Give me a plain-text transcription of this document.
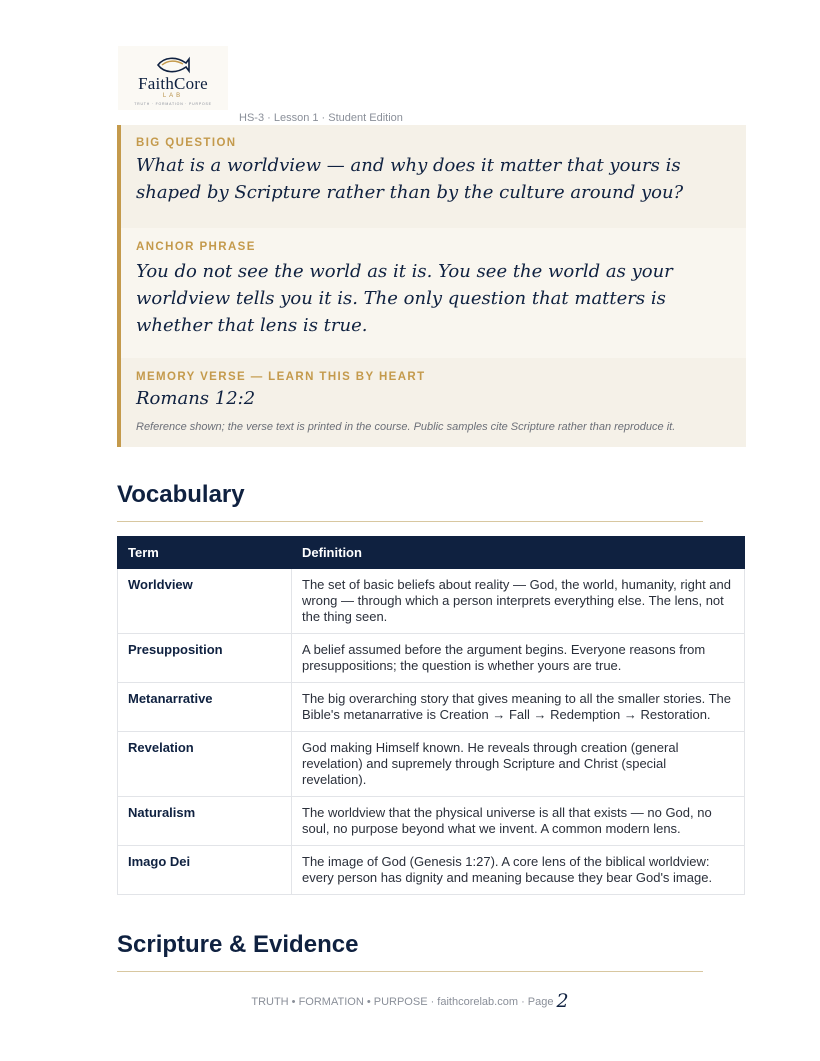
FaithCore
LAB
TRUTH · FORMATION · PURPOSE
HS-3 · Lesson 1 · Student Edition
BIG QUESTION
What is a worldview — and why does it matter that yours is shaped by Scripture rather than by the culture around you?
ANCHOR PHRASE
You do not see the world as it is. You see the world as your worldview tells you it is. The only question that matters is whether that lens is true.
MEMORY VERSE — LEARN THIS BY HEART
Romans 12:2
Reference shown; the verse text is printed in the course. Public samples cite Scripture rather than reproduce it.
Vocabulary
Term	Definition
Worldview	The set of basic beliefs about reality — God, the world, humanity, right and wrong — through which a person interprets everything else. The lens, not the thing seen.
Presupposition	A belief assumed before the argument begins. Everyone reasons from presuppositions; the question is whether yours are true.
Metanarrative	The big overarching story that gives meaning to all the smaller stories. The Bible's metanarrative is Creation → Fall → Redemption → Restoration.
Revelation	God making Himself known. He reveals through creation (general revelation) and supremely through Scripture and Christ (special revelation).
Naturalism	The worldview that the physical universe is all that exists — no God, no soul, no purpose beyond what we invent. A common modern lens.
Imago Dei	The image of God (Genesis 1:27). A core lens of the biblical worldview: every person has dignity and meaning because they bear God's image.
Scripture & Evidence
TRUTH • FORMATION • PURPOSE · faithcorelab.com · Page 2
